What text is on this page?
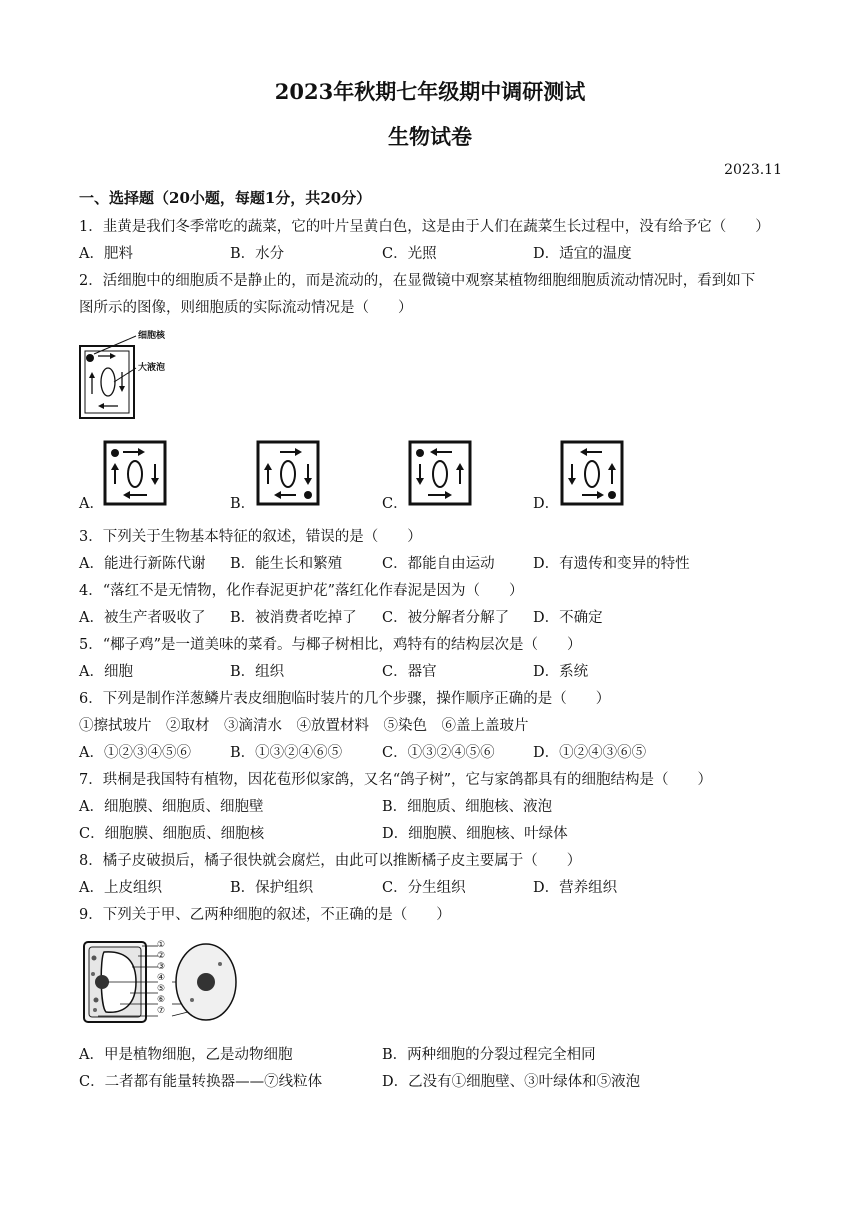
2023年秋期七年级期中调研测试
生物试卷
2023.11
一、选择题（20小题，每题1分，共20分）
1．韭黄是我们冬季常吃的蔬菜，它的叶片呈黄白色，这是由于人们在蔬菜生长过程中，没有给予它（　　）
A．肥料	B．水分	C．光照	D．适宜的温度
2．活细胞中的细胞质不是静止的，而是流动的，在显微镜中观察某植物细胞细胞质流动情况时，看到如下
图所示的图像，则细胞质的实际流动情况是（　　）
细胞核
大液泡
A．	B．	C．	D．
3．下列关于生物基本特征的叙述，错误的是（　　）
A．能进行新陈代谢 B．能生长和繁殖	C．都能自由运动	D．有遗传和变异的特性
4．“落红不是无情物，化作春泥更护花”落红化作春泥是因为（　　）
A．被生产者吸收了 B．被消费者吃掉了 C．被分解者分解了 D．不确定
5．“椰子鸡”是一道美味的菜肴。与椰子树相比，鸡特有的结构层次是（　　）
A．细胞	B．组织	C．器官	D．系统
6．下列是制作洋葱鳞片表皮细胞临时装片的几个步骤，操作顺序正确的是（　　）
①擦拭玻片　②取材　③滴清水　④放置材料　⑤染色　⑥盖上盖玻片
A．①②③④⑤⑥	B．①③②④⑥⑤	C．①③②④⑤⑥	D．①②④③⑥⑤
7．珙桐是我国特有植物，因花苞形似家鸽，又名“鸽子树”，它与家鸽都具有的细胞结构是（　　）
A．细胞膜、细胞质、细胞壁	B．细胞质、细胞核、液泡
C．细胞膜、细胞质、细胞核	D．细胞膜、细胞核、叶绿体
8．橘子皮破损后，橘子很快就会腐烂，由此可以推断橘子皮主要属于（　　）
A．上皮组织	B．保护组织	C．分生组织	D．营养组织
9．下列关于甲、乙两种细胞的叙述，不正确的是（　　）
①
②
③
④
⑤
⑥
⑦
A．甲是植物细胞，乙是动物细胞	B．两种细胞的分裂过程完全相同
C．二者都有能量转换器——⑦线粒体	D．乙没有①细胞壁、③叶绿体和⑤液泡
